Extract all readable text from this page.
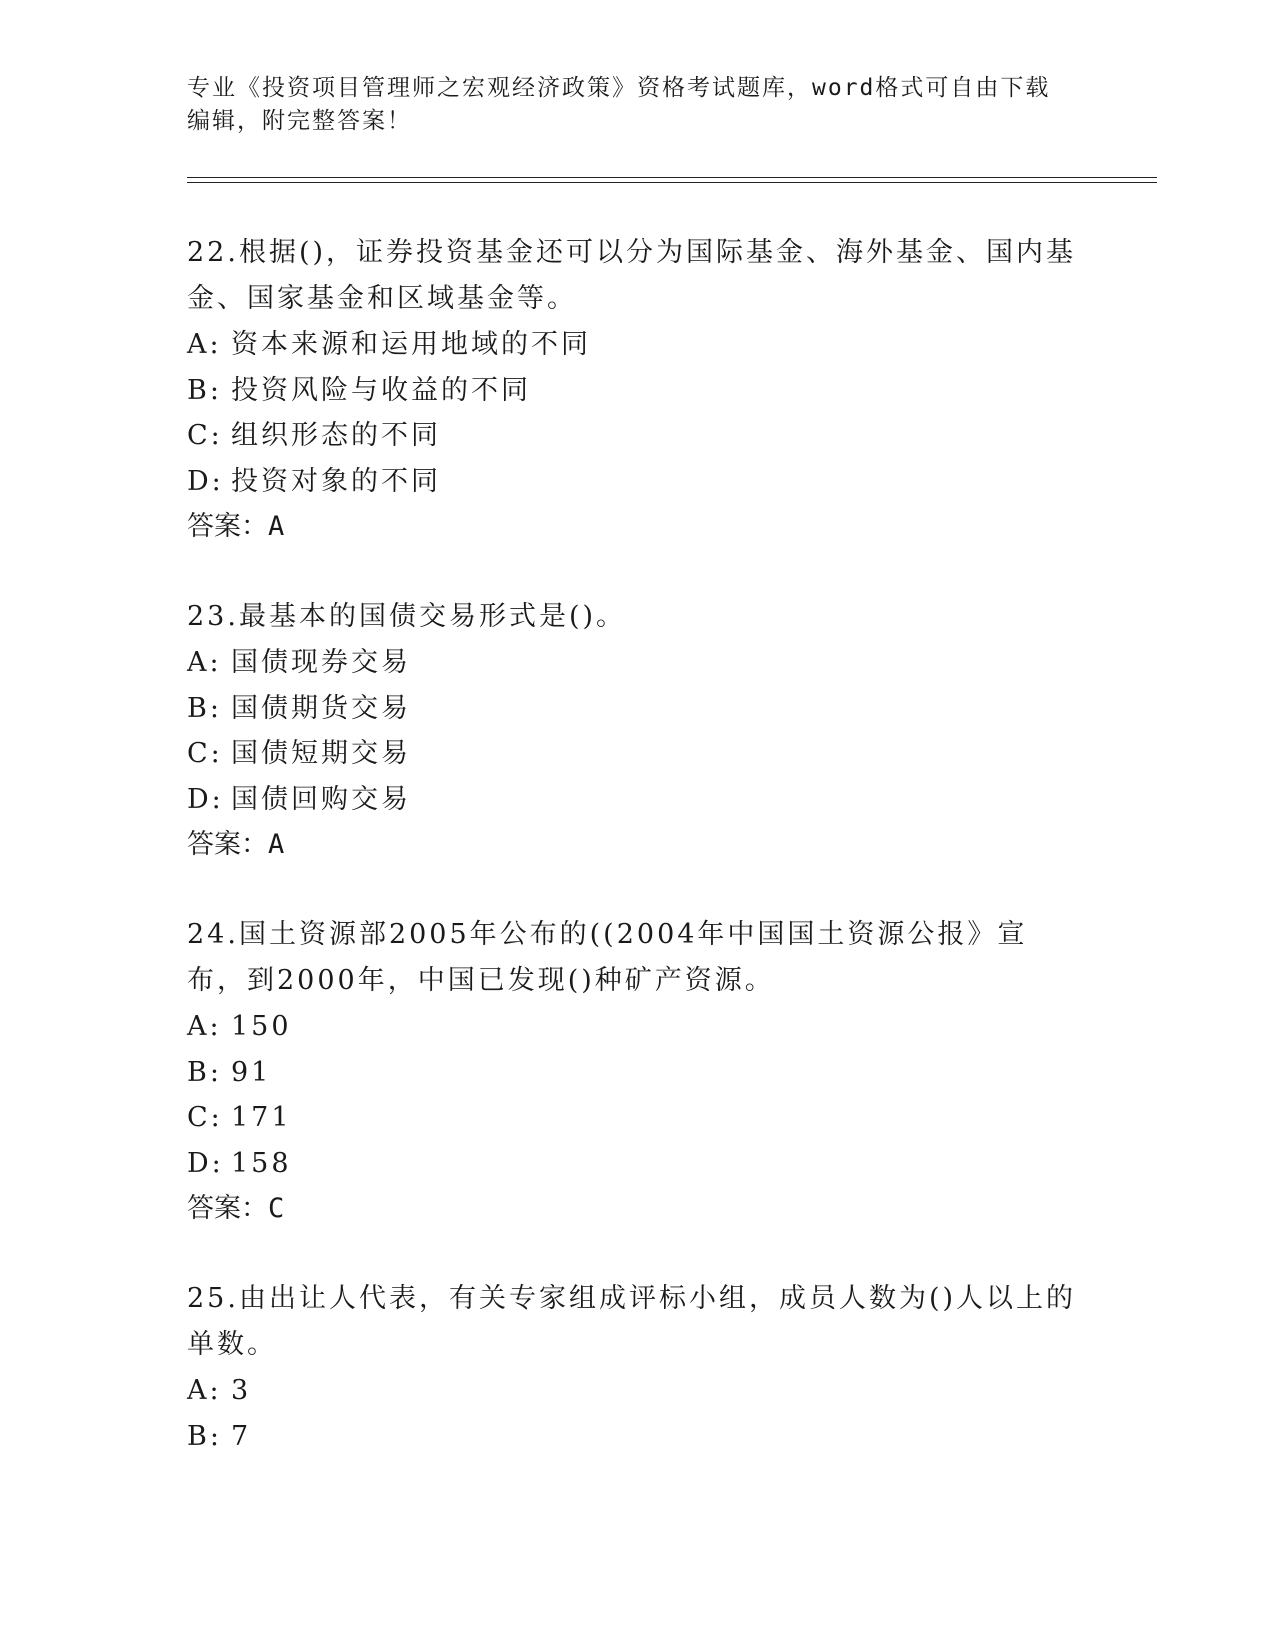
专业《投资项目管理师之宏观经济政策》资格考试题库，word格式可自由下载编辑，附完整答案！

22.根据()，证券投资基金还可以分为国际基金、海外基金、国内基金、国家基金和区域基金等。

A: 资本来源和运用地域的不同

B: 投资风险与收益的不同

C: 组织形态的不同

D: 投资对象的不同

答案：A

23.最基本的国债交易形式是()。

A: 国债现券交易

B: 国债期货交易

C: 国债短期交易

D: 国债回购交易

答案：A

24.国土资源部2005年公布的((2004年中国国土资源公报》宣布，到2000年，中国已发现()种矿产资源。

A: 150

B: 91

C: 171

D: 158

答案：C

25.由出让人代表，有关专家组成评标小组，成员人数为()人以上的单数。

A: 3

B: 7
